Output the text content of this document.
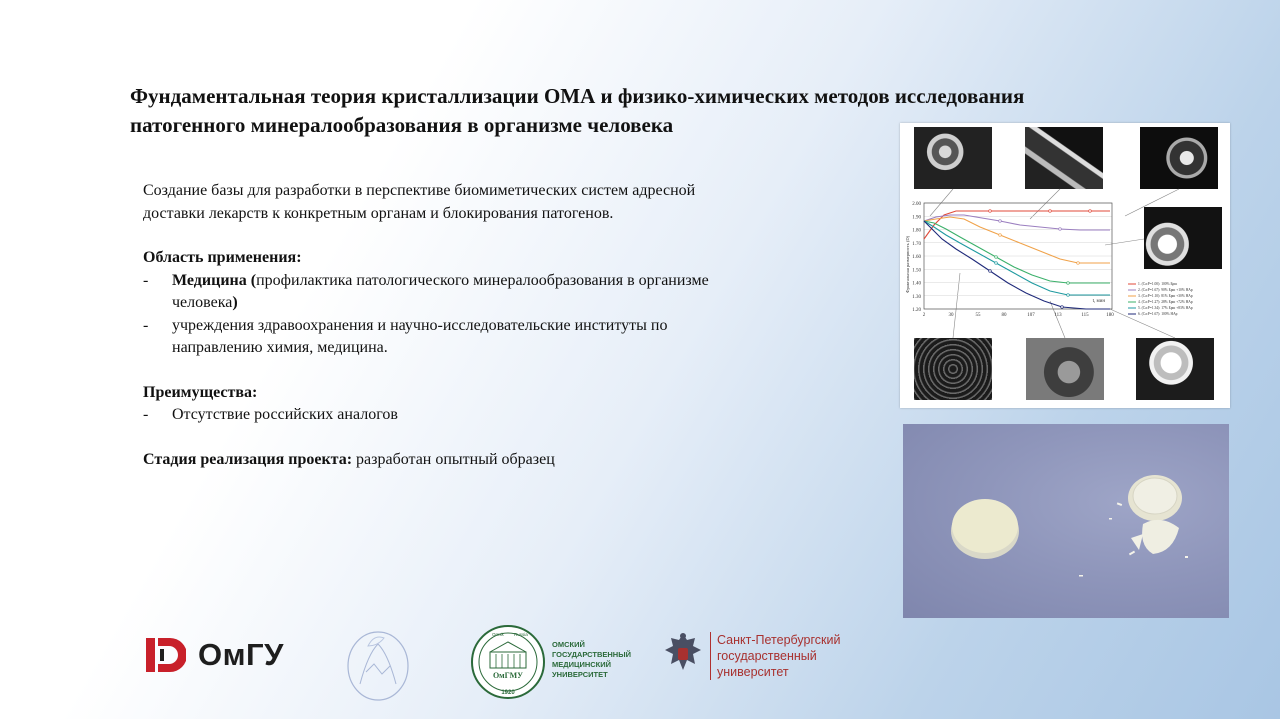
Фундаментальная теория кристаллизации ОМА и физико-химических методов исследования
патогенного минералообразования в организме человека

Создание базы для разработки в перспективе биомиметических систем адресной

доставки лекарств к конкретным органам и блокирования патогенов.

Область применения:

-	Медицина (профилактика патологического минералообразования в организме
человека)
-	учреждения здравоохранения и научно-исследовательские институты по
направлению химия, медицина.

Преимущества:

-	Отсутствие российских аналогов

Стадия реализация проекта: разработан опытный образец

2.00
1.90
1.80
1.70
1.60
1.50
1.40
1.30
1.20
2	30	55	80	107	113	115	180
t, мин
Фрактальная размерность (D)	1. (Ca:P=1.00): 100% Брш
2. (Ca:P=1.67): 90% Брш +10% HAp
3. (Ca:P=1.10): 81% Брш +30% HAp
4. (Ca:P=1.27): 28% Брш +72% HAp
5. (Ca:P=1.34): 17% Брш +83% HAp
6. (Ca:P=1.67): 100% HAp
ОмГУ
Omsk Russia
ОмГМУ
1920
ОМСКИЙ
ГОСУДАРСТВЕННЫЙ
МЕДИЦИНСКИЙ
УНИВЕРСИТЕТ
Санкт-Петербургский
государственный
университет
